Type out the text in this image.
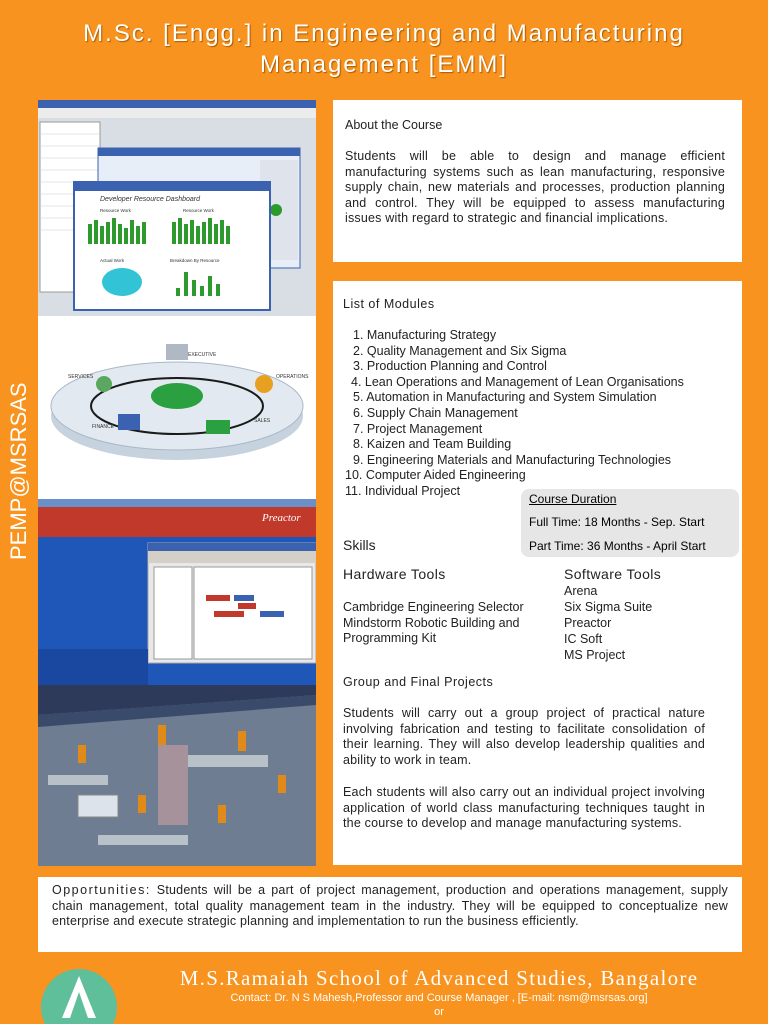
M.Sc. [Engg.] in Engineering and Manufacturing
Management [EMM]
PEMP@MSRSAS
Developer Resource Dashboard
Resource Work	Resource Work
Actual Work	Breakdown By Resource
EXECUTIVE
SERVICES	OPERATIONS
FINANCE
SALES
Preactor

About the Course

Students will be able to design and manage efficient manufacturing systems such as lean manufacturing, responsive supply chain, new materials and processes, production planning and control. They will be equipped to assess manufacturing issues with regard to strategic and financial implications.

List of Modules

1. Manufacturing Strategy
2. Quality Management and Six Sigma
3. Production Planning and Control
4. Lean Operations and Management of Lean Organisations
5. Automation in Manufacturing and System Simulation
6. Supply Chain Management
7. Project Management
8. Kaizen and Team Building
9. Engineering Materials and Manufacturing Technologies
10. Computer Aided Engineering
11. Individual Project

Skills

Hardware Tools

Cambridge Engineering Selector
Mindstorm Robotic Building and
Programming Kit

Software Tools

Arena
Six Sigma Suite
Preactor
IC Soft
MS Project

Group and Final Projects

Students will carry out a group project of practical nature involving fabrication and testing to facilitate consolidation of their learning. They will also develop leadership qualities and ability to work in team.

Each students will also carry out an individual project involving application of world class manufacturing techniques taught in the course to develop and manage manufacturing systems.

Course Duration
Full Time: 18 Months - Sep. Start
Part Time: 36 Months - April Start

Opportunities: Students will be a part of project management, production and operations management, supply chain management, total quality management team in the industry. They will be equipped to conceptualize new enterprise and execute strategic planning and implementation to run the business efficiently.

M.S.Ramaiah School of Advanced Studies, Bangalore
Contact: Dr. N S Mahesh,Professor and Course Manager , [E-mail: nsm@msrsas.org]
or
